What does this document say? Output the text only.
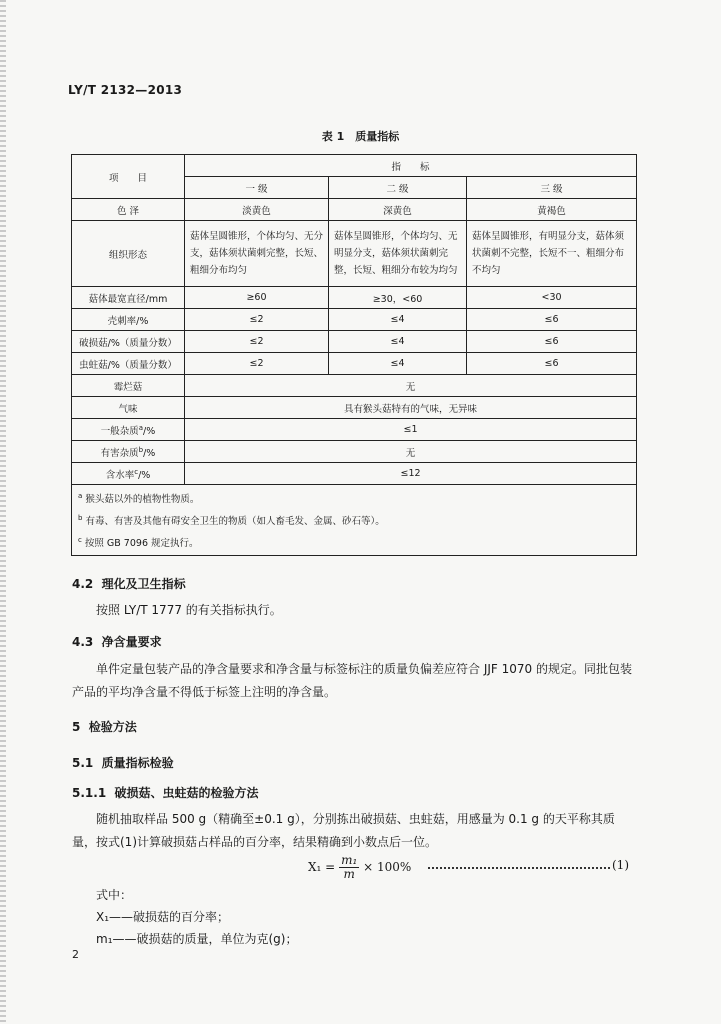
LY/T 2132—2013
表 1　质量指标
项　　目	指　　标		
	一 级	二 级	三 级
色 泽	淡黄色	深黄色	黄褐色
组织形态	菇体呈圆锥形，个体均匀、无分支，菇体须状菌刺完整，长短、粗细分布均匀	菇体呈圆锥形，个体均匀、无明显分支，菇体须状菌刺完整，长短、粗细分布较为均匀	菇体呈圆锥形，有明显分支，菇体须状菌刺不完整，长短不一、粗细分布不均匀
菇体最宽直径/mm	≥60	≥30，<60	<30
壳刺率/%	≤2	≤4	≤6
破损菇/%（质量分数）	≤2	≤4	≤6
虫蛀菇/%（质量分数）	≤2	≤4	≤6
霉烂菇	无		
气味	具有猴头菇特有的气味，无异味		
一般杂质$^a$/%	≤1		
有害杂质$^b$/%	无		
含水率$^c$/%	≤12		

$^a$ 猴头菇以外的植物性物质。
$^b$ 有毒、有害及其他有碍安全卫生的物质（如人畜毛发、金属、砂石等）。
$^c$ 按照 GB 7096 规定执行。			
4.2 理化及卫生指标
按照 LY/T 1777 的有关指标执行。
4.3 净含量要求
单件定量包装产品的净含量要求和净含量与标签标注的质量负偏差应符合 JJF 1070 的规定。同批包装产品的平均净含量不得低于标签上注明的净含量。
5 检验方法
5.1 质量指标检验
5.1.1 破损菇、虫蛀菇的检验方法
随机抽取样品 500 g（精确至±0.1 g），分别拣出破损菇、虫蛀菇，用感量为 0.1 g 的天平称其质量，按式(1)计算破损菇占样品的百分率，结果精确到小数点后一位。
$X_1 = \frac{\text{m₁}}{m} \times 100\%$	(1)
式中：
X₁——破损菇的百分率；
m₁——破损菇的质量，单位为克(g)；
2
